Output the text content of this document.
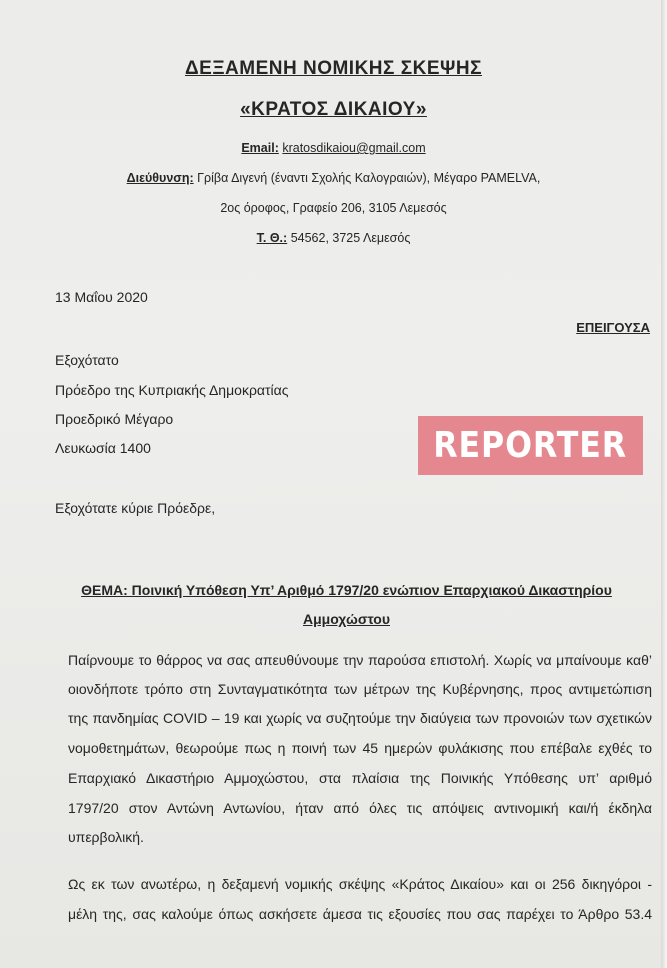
ΔΕΞΑΜΕΝΗ ΝΟΜΙΚΗΣ ΣΚΕΨΗΣ
«ΚΡΑΤΟΣ ΔΙΚΑΙΟΥ»
Email: kratosdikaiou@gmail.com
Διεύθυνση: Γρίβα Διγενή (έναντι Σχολής Καλογραιών), Μέγαρο PAMELVA,
2ος όροφος, Γραφείο 206, 3105 Λεμεσός
Τ. Θ.: 54562, 3725 Λεμεσός
13 Μαΐου 2020
ΕΠΕΙΓΟΥΣΑ
Εξοχότατο
Πρόεδρο της Κυπριακής Δημοκρατίας
Προεδρικό Μέγαρο
Λευκωσία 1400	REPORTER
Εξοχότατε κύριε Πρόεδρε,
ΘΕΜΑ: Ποινική Υπόθεση Υπ’ Αριθμό 1797/20 ενώπιον Επαρχιακού Δικαστηρίου
Αμμοχώστου
Παίρνουμε το θάρρος να σας απευθύνουμε την παρούσα επιστολή. Χωρίς να μπαίνουμε καθ’
οιονδήποτε τρόπο στη Συνταγματικότητα των μέτρων της Κυβέρνησης, προς αντιμετώπιση
της πανδημίας COVID – 19 και χωρίς να συζητούμε την διαύγεια των προνοιών των σχετικών
νομοθετημάτων, θεωρούμε πως η ποινή των 45 ημερών φυλάκισης που επέβαλε εχθές το
Επαρχιακό Δικαστήριο Αμμοχώστου, στα πλαίσια της Ποινικής Υπόθεσης υπ’ αριθμό
1797/20 στον Αντώνη Αντωνίου, ήταν από όλες τις απόψεις αντινομική και/ή έκδηλα
υπερβολική.
Ως εκ των ανωτέρω, η δεξαμενή νομικής σκέψης «Κράτος Δικαίου» και οι 256 δικηγόροι -
μέλη της, σας καλούμε όπως ασκήσετε άμεσα τις εξουσίες που σας παρέχει το Άρθρο 53.4
